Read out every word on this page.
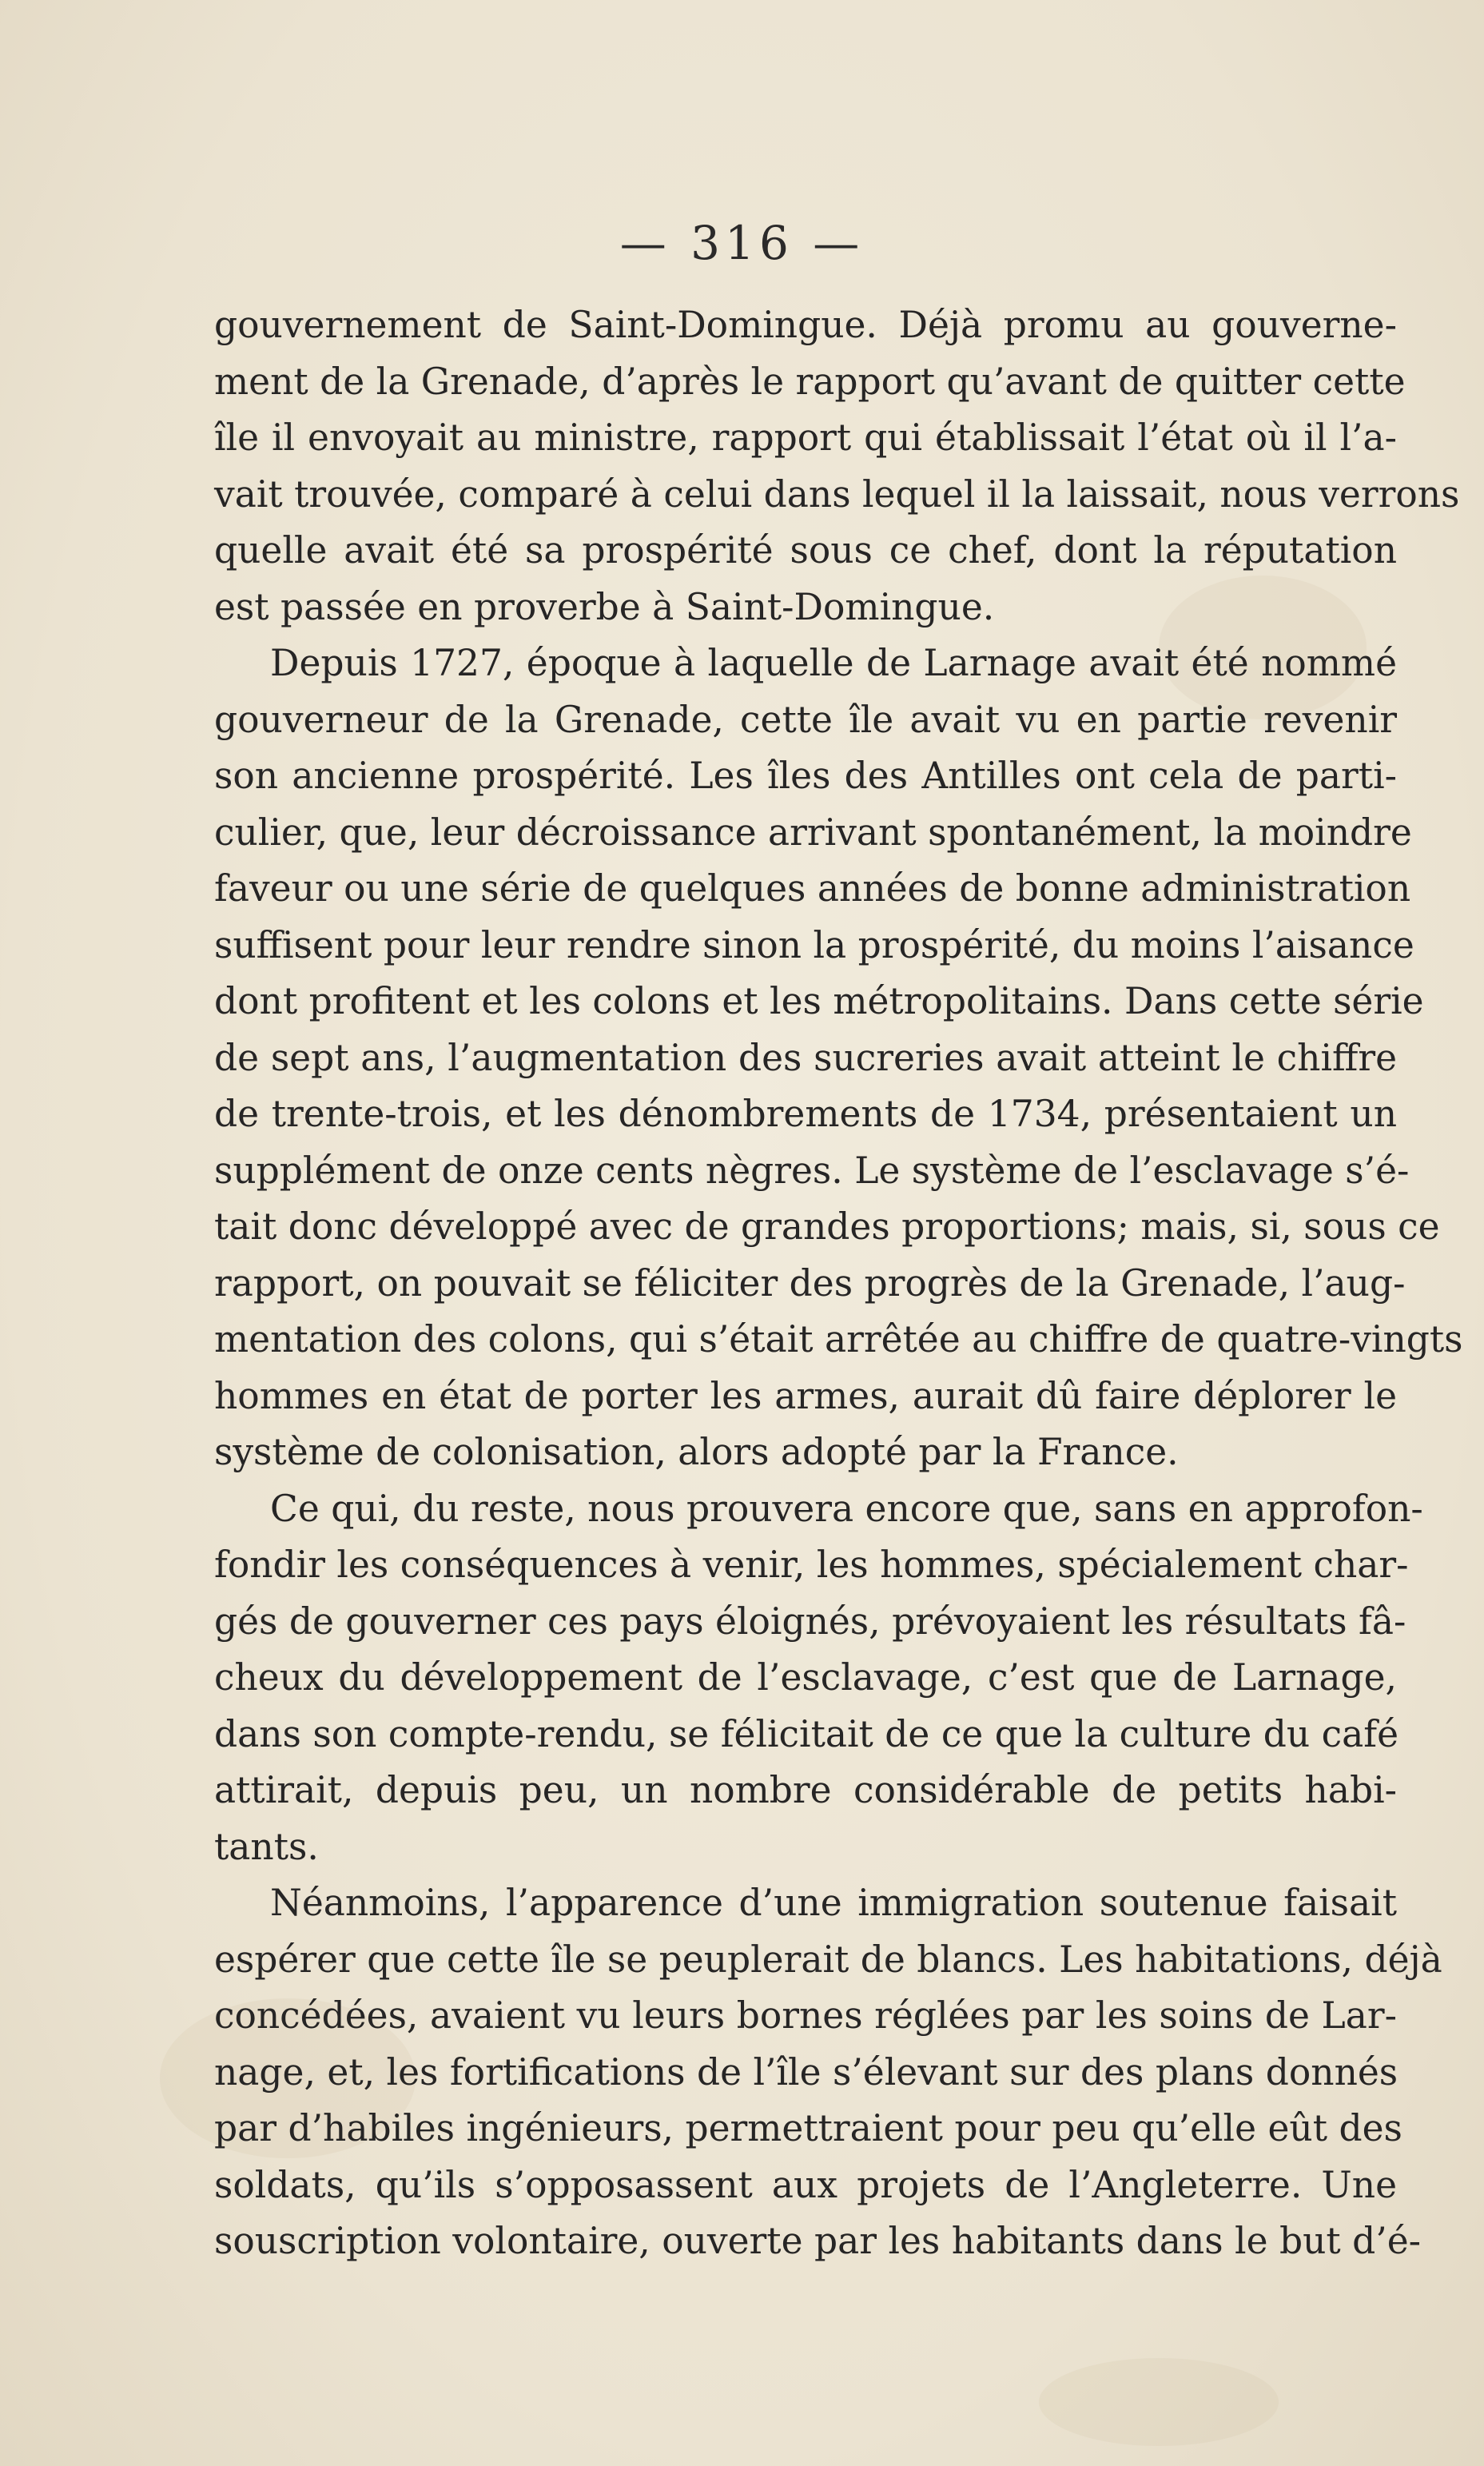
— 316 —
gouvernement de Saint-Domingue. Déjà promu au gouverne-
ment de la Grenade, d’après le rapport qu’avant de quitter cette
île il envoyait au ministre, rapport qui établissait l’état où il l’a-
vait trouvée, comparé à celui dans lequel il la laissait, nous verrons
quelle avait été sa prospérité sous ce chef, dont la réputation
est passée en proverbe à Saint-Domingue.
Depuis 1727, époque à laquelle de Larnage avait été nommé
gouverneur de la Grenade, cette île avait vu en partie revenir
son ancienne prospérité. Les îles des Antilles ont cela de parti-
culier, que, leur décroissance arrivant spontanément, la moindre
faveur ou une série de quelques années de bonne administration
suffisent pour leur rendre sinon la prospérité, du moins l’aisance
dont profitent et les colons et les métropolitains. Dans cette série
de sept ans, l’augmentation des sucreries avait atteint le chiffre
de trente-trois, et les dénombrements de 1734, présentaient un
supplément de onze cents nègres. Le système de l’esclavage s’é-
tait donc développé avec de grandes proportions; mais, si, sous ce
rapport, on pouvait se féliciter des progrès de la Grenade, l’aug-
mentation des colons, qui s’était arrêtée au chiffre de quatre-vingts
hommes en état de porter les armes, aurait dû faire déplorer le
système de colonisation, alors adopté par la France.
Ce qui, du reste, nous prouvera encore que, sans en approfon-
fondir les conséquences à venir, les hommes, spécialement char-
gés de gouverner ces pays éloignés, prévoyaient les résultats fâ-
cheux du développement de l’esclavage, c’est que de Larnage,
dans son compte-rendu, se félicitait de ce que la culture du café
attirait, depuis peu, un nombre considérable de petits habi-
tants.
Néanmoins, l’apparence d’une immigration soutenue faisait
espérer que cette île se peuplerait de blancs. Les habitations, déjà
concédées, avaient vu leurs bornes réglées par les soins de Lar-
nage, et, les fortifications de l’île s’élevant sur des plans donnés
par d’habiles ingénieurs, permettraient pour peu qu’elle eût des
soldats, qu’ils s’opposassent aux projets de l’Angleterre. Une
souscription volontaire, ouverte par les habitants dans le but d’é-
